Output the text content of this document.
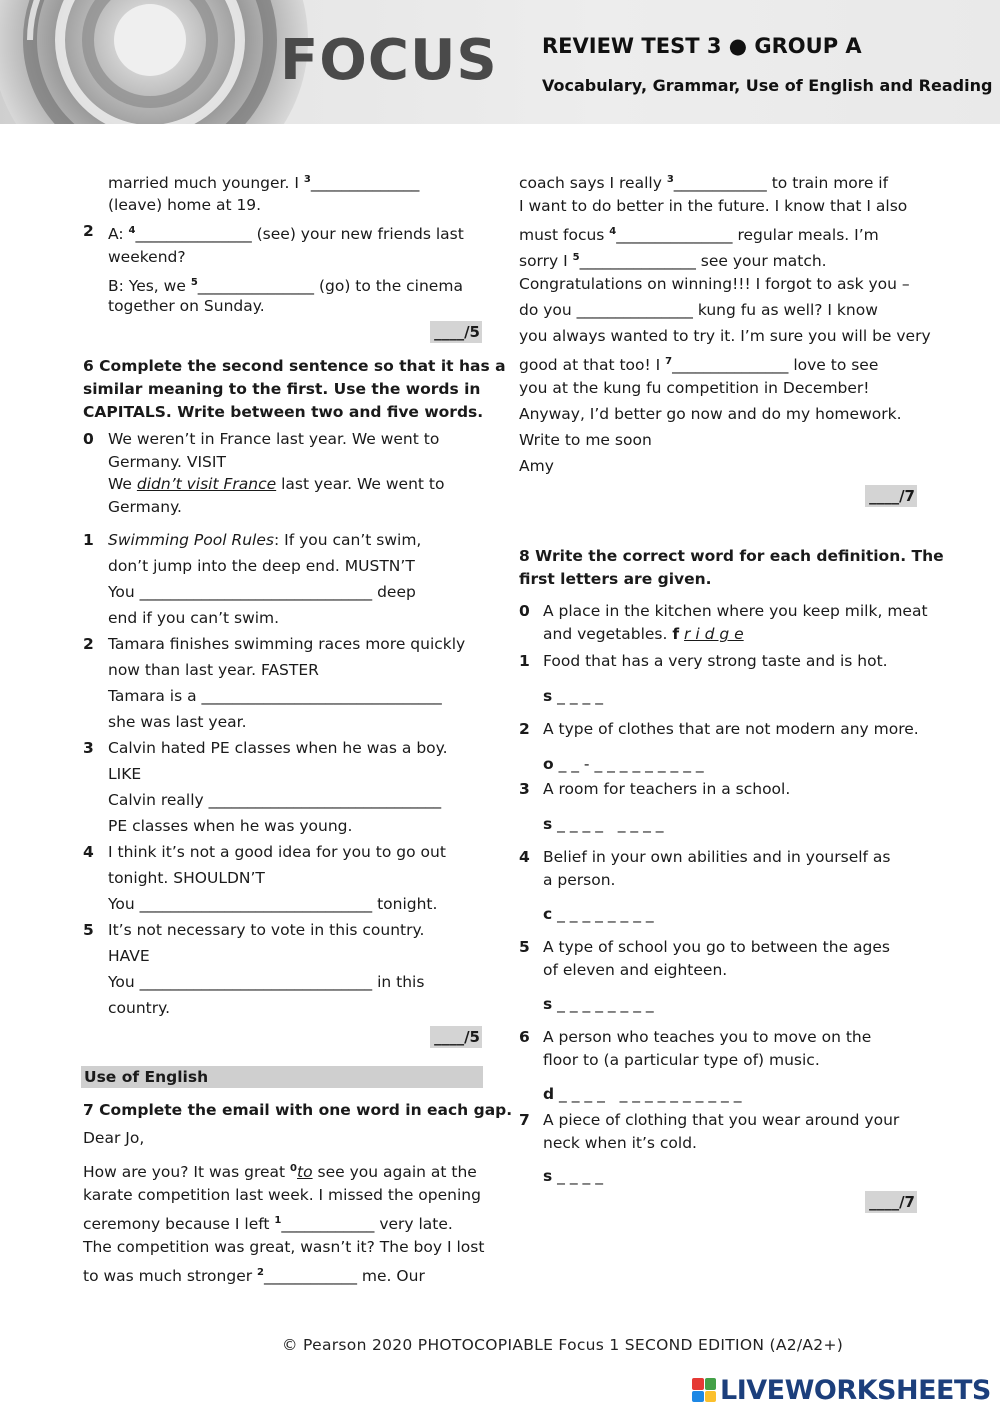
FOCUS REVIEW TEST 3 ● GROUP A
Vocabulary, Grammar, Use of English and Reading
married much younger. I $^3$______________
(leave) home at 19.
2 A: $^4$_______________ (see) your new friends last
weekend?
B: Yes, we $^5$_______________ (go) to the cinema
together on Sunday.
____/5
6 Complete the second sentence so that it has a
similar meaning to the first. Use the words in
CAPITALS. Write between two and five words.
0 We weren’t in France last year. We went to
Germany. VISIT
We didn’t visit France last year. We went to
Germany.
1 Swimming Pool Rules: If you can’t swim,
don’t jump into the deep end. MUSTN’T
You ______________________________ deep
end if you can’t swim.
2 Tamara finishes swimming races more quickly
now than last year. FASTER
Tamara is a _______________________________
she was last year.
3 Calvin hated PE classes when he was a boy.
LIKE
Calvin really ______________________________
PE classes when he was young.
4 I think it’s not a good idea for you to go out
tonight. SHOULDN’T
You ______________________________ tonight.
5 It’s not necessary to vote in this country.
HAVE
You ______________________________ in this
country.
____/5
7 Complete the email with one word in each gap.
Dear Jo,
How are you? It was great $^0$to see you again at the
karate competition last week. I missed the opening
ceremony because I left $^1$____________ very late.
The competition was great, wasn’t it? The boy I lost
to was much stronger $^2$____________ me. Our
Use of English
coach says I really $^3$____________ to train more if
I want to do better in the future. I know that I also
must focus $^4$_______________ regular meals. I’m
sorry I $^5$_______________ see your match.
Congratulations on winning!!! I forgot to ask you –
do you _______________ kung fu as well? I know
you always wanted to try it. I’m sure you will be very
good at that too! I $^7$_______________ love to see
you at the kung fu competition in December!
Anyway, I’d better go now and do my homework.
Write to me soon
Amy
____/7
8 Write the correct word for each definition. The
first letters are given.
0 A place in the kitchen where you keep milk, meat
and vegetables. f r i d g e
1 Food that has a very strong taste and is hot.
s _ _ _ _
2 A type of clothes that are not modern any more.
o _ _ - _ _ _ _ _ _ _ _ _
3 A room for teachers in a school.
s _ _ _ _   _ _ _ _
4 Belief in your own abilities and in yourself as
a person.
c _ _ _ _ _ _ _ _
5 A type of school you go to between the ages
of eleven and eighteen.
s _ _ _ _ _ _ _ _
6 A person who teaches you to move on the
floor to (a particular type of) music.
d _ _ _ _   _ _ _ _ _ _ _ _ _ _
7 A piece of clothing that you wear around your
neck when it’s cold.
s _ _ _ _
____/7
© Pearson 2020 PHOTOCOPIABLE Focus 1 SECOND EDITION (A2/A2+)
LIVEWORKSHEETS
